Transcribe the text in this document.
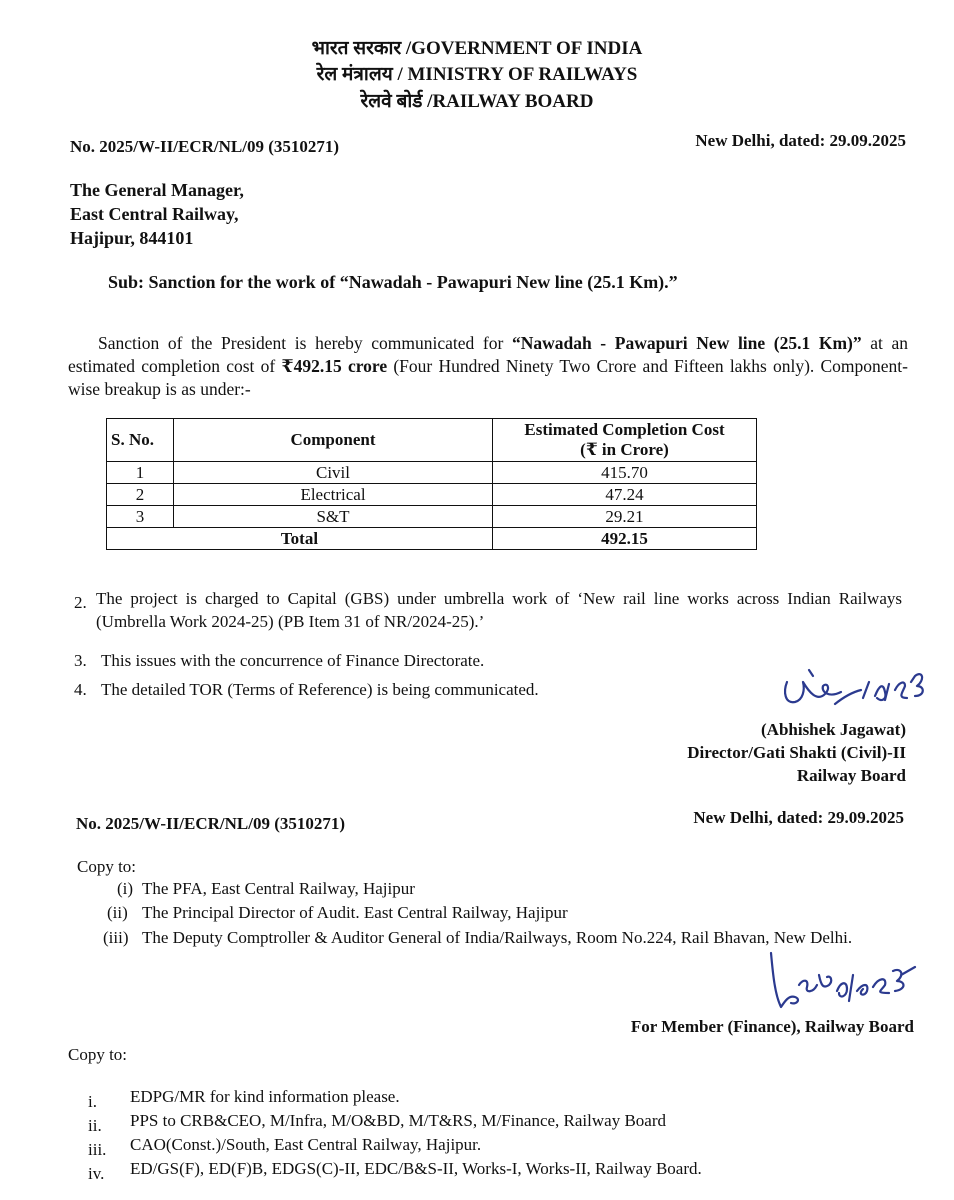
भारत सरकार /GOVERNMENT OF INDIA
रेल मंत्रालय / MINISTRY OF RAILWAYS
रेलवे बोर्ड /RAILWAY BOARD
No. 2025/W-II/ECR/NL/09 (3510271)	New Delhi, dated: 29.09.2025
The General Manager,
East Central Railway,
Hajipur, 844101
Sub: Sanction for the work of “Nawadah - Pawapuri New line (25.1 Km).”
Sanction of the President is hereby communicated for “Nawadah - Pawapuri New line (25.1 Km)” at an estimated completion cost of ₹492.15 crore (Four Hundred Ninety Two Crore and Fifteen lakhs only). Component-wise breakup is as under:-
S. No.	Component	Estimated Completion Cost
(₹ in Crore)
1	Civil	415.70
2	Electrical	47.24
3	S&T	29.21
Total		492.15
2. The project is charged to Capital (GBS) under umbrella work of ‘New rail line works across Indian Railways (Umbrella Work 2024-25) (PB Item 31 of NR/2024-25).’
3. This issues with the concurrence of Finance Directorate.
4. The detailed TOR (Terms of Reference) is being communicated.
(Abhishek Jagawat)
Director/Gati Shakti (Civil)-II
Railway Board
No. 2025/W-II/ECR/NL/09 (3510271)	New Delhi, dated: 29.09.2025
Copy to:
(i) The PFA, East Central Railway, Hajipur
(ii) The Principal Director of Audit. East Central Railway, Hajipur
(iii) The Deputy Comptroller & Auditor General of India/Railways, Room No.224, Rail Bhavan, New Delhi.
For Member (Finance), Railway Board
Copy to:
i. EDPG/MR for kind information please.
ii. PPS to CRB&CEO, M/Infra, M/O&BD, M/T&RS, M/Finance, Railway Board
iii. CAO(Const.)/South, East Central Railway, Hajipur.
iv. ED/GS(F), ED(F)B, EDGS(C)-II, EDC/B&S-II, Works-I, Works-II, Railway Board.
